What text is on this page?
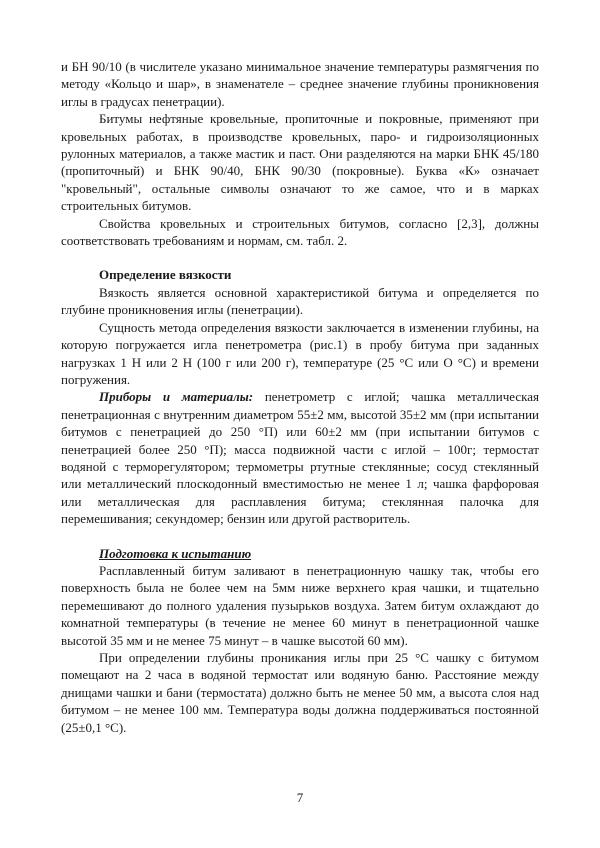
и БН 90/10 (в числителе указано минимальное значение температуры размягчения по методу «Кольцо и шар», в знаменателе – среднее значение глубины проникновения иглы в градусах пенетрации).

Битумы нефтяные кровельные, пропиточные и покровные, применяют при кровельных работах, в производстве кровельных, паро- и гидроизоляционных рулонных материалов, а также мастик и паст. Они разделяются на марки БНК 45/180 (пропиточный) и БНК 90/40, БНК 90/30 (покровные). Буква «К» означает "кровельный", остальные символы означают то же самое, что и в марках строительных битумов.

Свойства кровельных и строительных битумов, согласно [2,3], должны соответствовать требованиям и нормам, см. табл. 2.

Определение вязкости

Вязкость является основной характеристикой битума и определяется по глубине проникновения иглы (пенетрации).

Сущность метода определения вязкости заключается в изменении глубины, на которую погружается игла пенетрометра (рис.1) в пробу битума при заданных нагрузках 1 Н или 2 Н (100 г или 200 г), температуре (25 °С или О °С) и времени погружения.

Приборы и материалы: пенетрометр с иглой; чашка металлическая пенетрационная с внутренним диаметром 55±2 мм, высотой 35±2 мм (при испытании битумов с пенетрацией до 250 °П) или 60±2 мм (при испытании битумов с пенетрацией более 250 °П); масса подвижной части с иглой – 100г; термостат водяной с терморегулятором; термометры ртутные стеклянные; сосуд стеклянный или металлический плоскодонный вместимостью не менее 1 л; чашка фарфоровая или металлическая для расплавления битума; стеклянная палочка для перемешивания; секундомер; бензин или другой растворитель.

Подготовка к испытанию

Расплавленный битум заливают в пенетрационную чашку так, чтобы его поверхность была не более чем на 5мм ниже верхнего края чашки, и тщательно перемешивают до полного удаления пузырьков воздуха. Затем битум охлаждают до комнатной температуры (в течение не менее 60 минут в пенетрационной чашке высотой 35 мм и не менее 75 минут – в чашке высотой 60 мм).

При определении глубины проникания иглы при 25 °С чашку с битумом помещают на 2 часа в водяной термостат или водяную баню. Расстояние между днищами чашки и бани (термостата) должно быть не менее 50 мм, а высота слоя над битумом – не менее 100 мм. Температура воды должна поддерживаться постоянной (25±0,1 °С).

7
